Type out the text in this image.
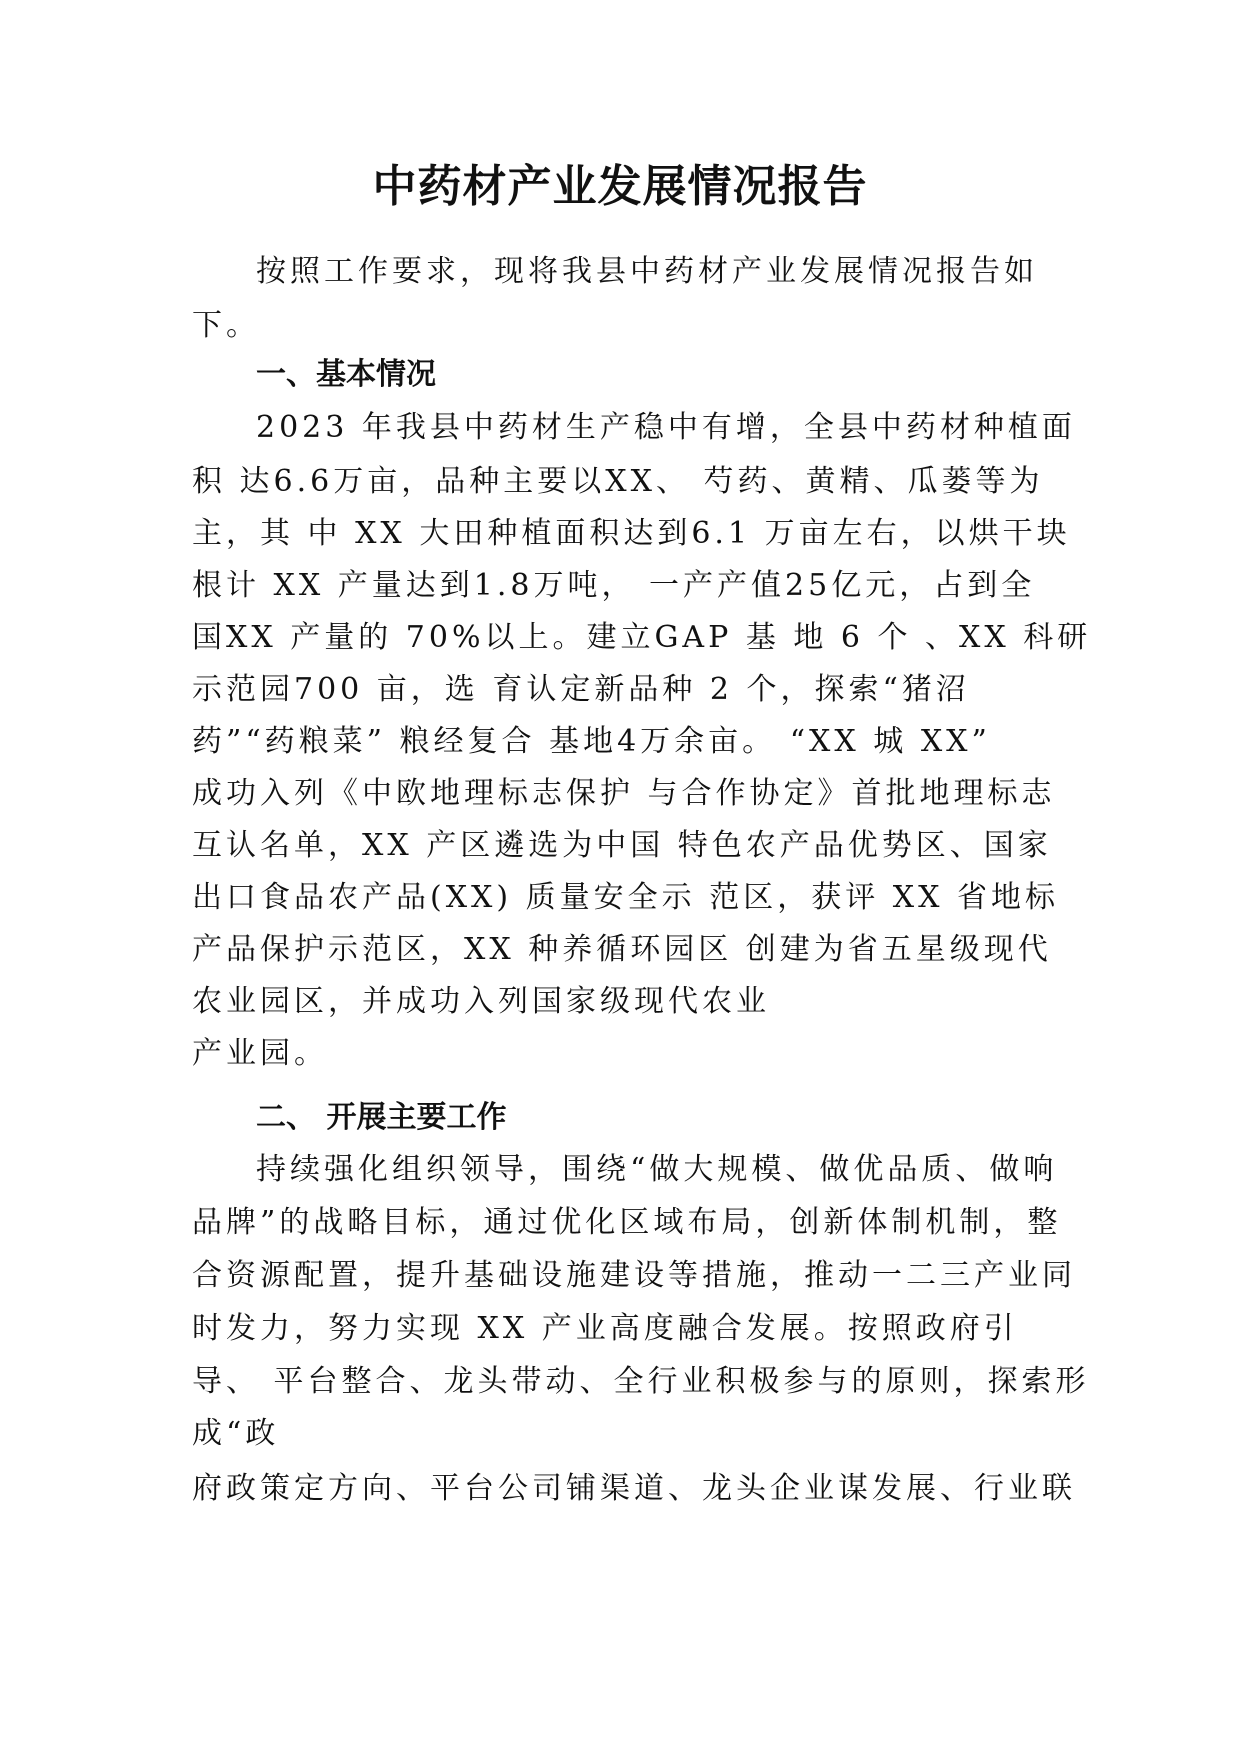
中药材产业发展情况报告
按照工作要求，现将我县中药材产业发展情况报告如
下。
一、基本情况
2023 年我县中药材生产稳中有增，全县中药材种植面
积 达6.6万亩，品种主要以XX、 芍药、黄精、瓜蒌等为
主，其 中 XX 大田种植面积达到6.1 万亩左右，以烘干块
根计 XX 产量达到1.8万吨， 一产产值25亿元，占到全
国XX 产量的 70%以上。建立GAP 基 地 6 个 、XX 科研
示范园700 亩，选 育认定新品种 2 个，探索“猪沼
药”“药粮菜” 粮经复合 基地4万余亩。 “XX 城 XX”
成功入列《中欧地理标志保护 与合作协定》首批地理标志
互认名单，XX 产区遴选为中国 特色农产品优势区、国家
出口食品农产品(XX) 质量安全示 范区，获评 XX 省地标
产品保护示范区，XX 种养循环园区 创建为省五星级现代
农业园区，并成功入列国家级现代农业
产业园。
二、 开展主要工作
持续强化组织领导，围绕“做大规模、做优品质、做响
品牌”的战略目标，通过优化区域布局，创新体制机制，整
合资源配置，提升基础设施建设等措施，推动一二三产业同
时发力，努力实现 XX 产业高度融合发展。按照政府引
导、 平台整合、龙头带动、全行业积极参与的原则，探索形
成“政
府政策定方向、平台公司铺渠道、龙头企业谋发展、行业联
